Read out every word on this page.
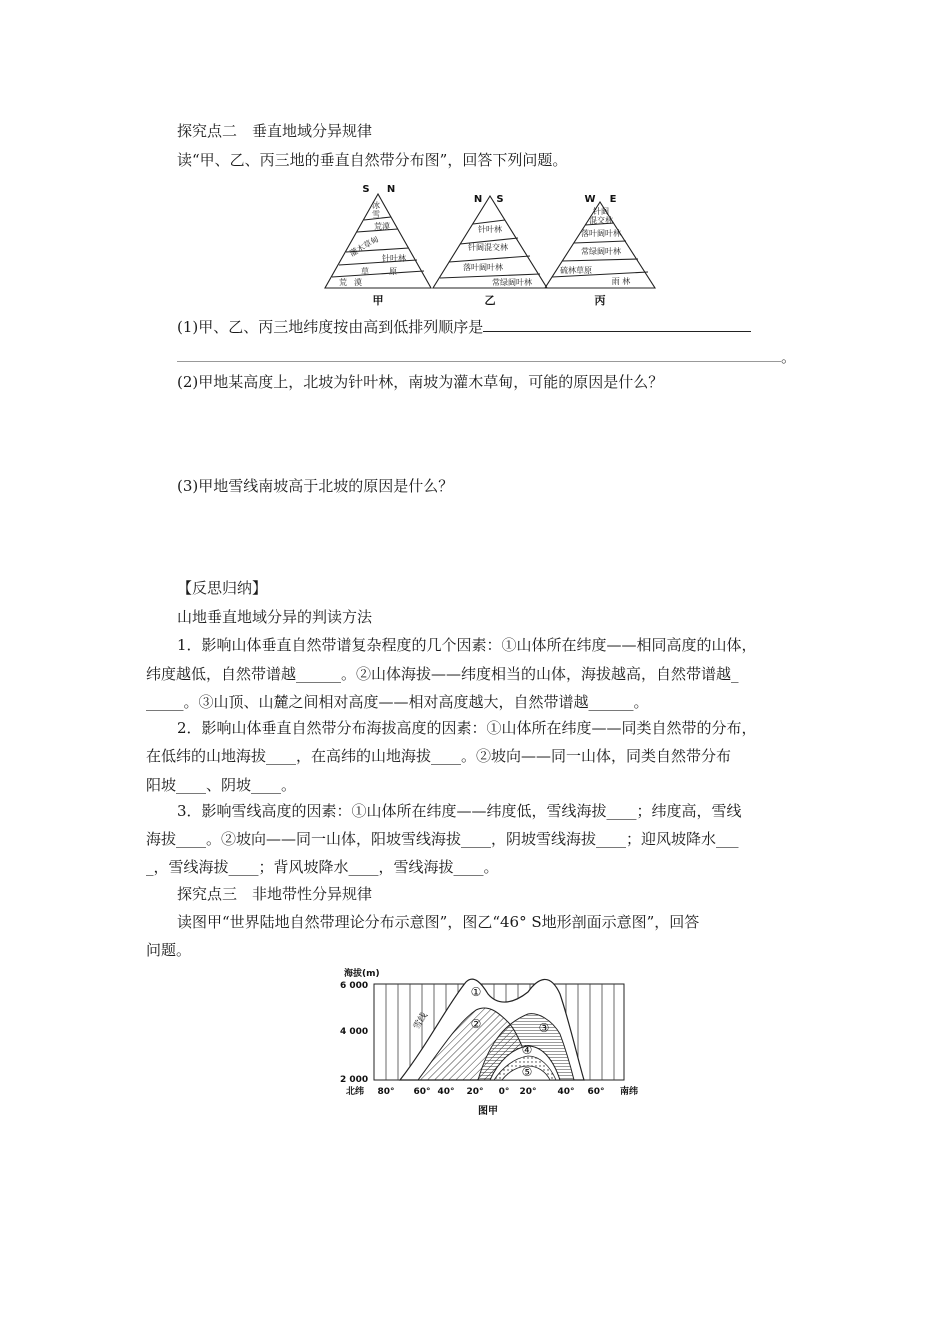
探究点二　垂直地域分异规律
读“甲、乙、丙三地的垂直自然带分布图”，回答下列问题。
S N
N S	W E
甲	乙	丙
冰
雪
荒漠
灌木草甸
针叶林
草	原
荒 漠
针叶林
针阔混交林
落叶阔叶林
常绿阔叶林
针阔
混交林
落叶阔叶林
常绿阔叶林
硫林草原
雨 林
(1)甲、乙、丙三地纬度按由高到低排列顺序是
。
(2)甲地某高度上，北坡为针叶林，南坡为灌木草甸，可能的原因是什么？
(3)甲地雪线南坡高于北坡的原因是什么？
【反思归纳】
山地垂直地域分异的判读方法
1．影响山体垂直自然带谱复杂程度的几个因素：①山体所在纬度——相同高度的山体，
纬度越低，自然带谱越______。②山体海拔——纬度相当的山体，海拔越高，自然带谱越_
_____。③山顶、山麓之间相对高度——相对高度越大，自然带谱越______。
2．影响山体垂直自然带分布海拔高度的因素：①山体所在纬度——同类自然带的分布，
在低纬的山地海拔____，在高纬的山地海拔____。②坡向——同一山体，同类自然带分布
阳坡____、阴坡____。
3．影响雪线高度的因素：①山体所在纬度——纬度低，雪线海拔____；纬度高，雪线
海拔____。②坡向——同一山体，阳坡雪线海拔____，阴坡雪线海拔____；迎风坡降水___
_，雪线海拔____；背风坡降水____，雪线海拔____。
探究点三　非地带性分异规律
读图甲“世界陆地自然带理论分布示意图”，图乙“46° S地形剖面示意图”，回答
问题。
海拔(m)
6 000
4 000
2 000
北纬 80° 60° 40° 20° 0° 20° 40° 60° 南纬
图甲
雪线
①
②	③
④
⑤
